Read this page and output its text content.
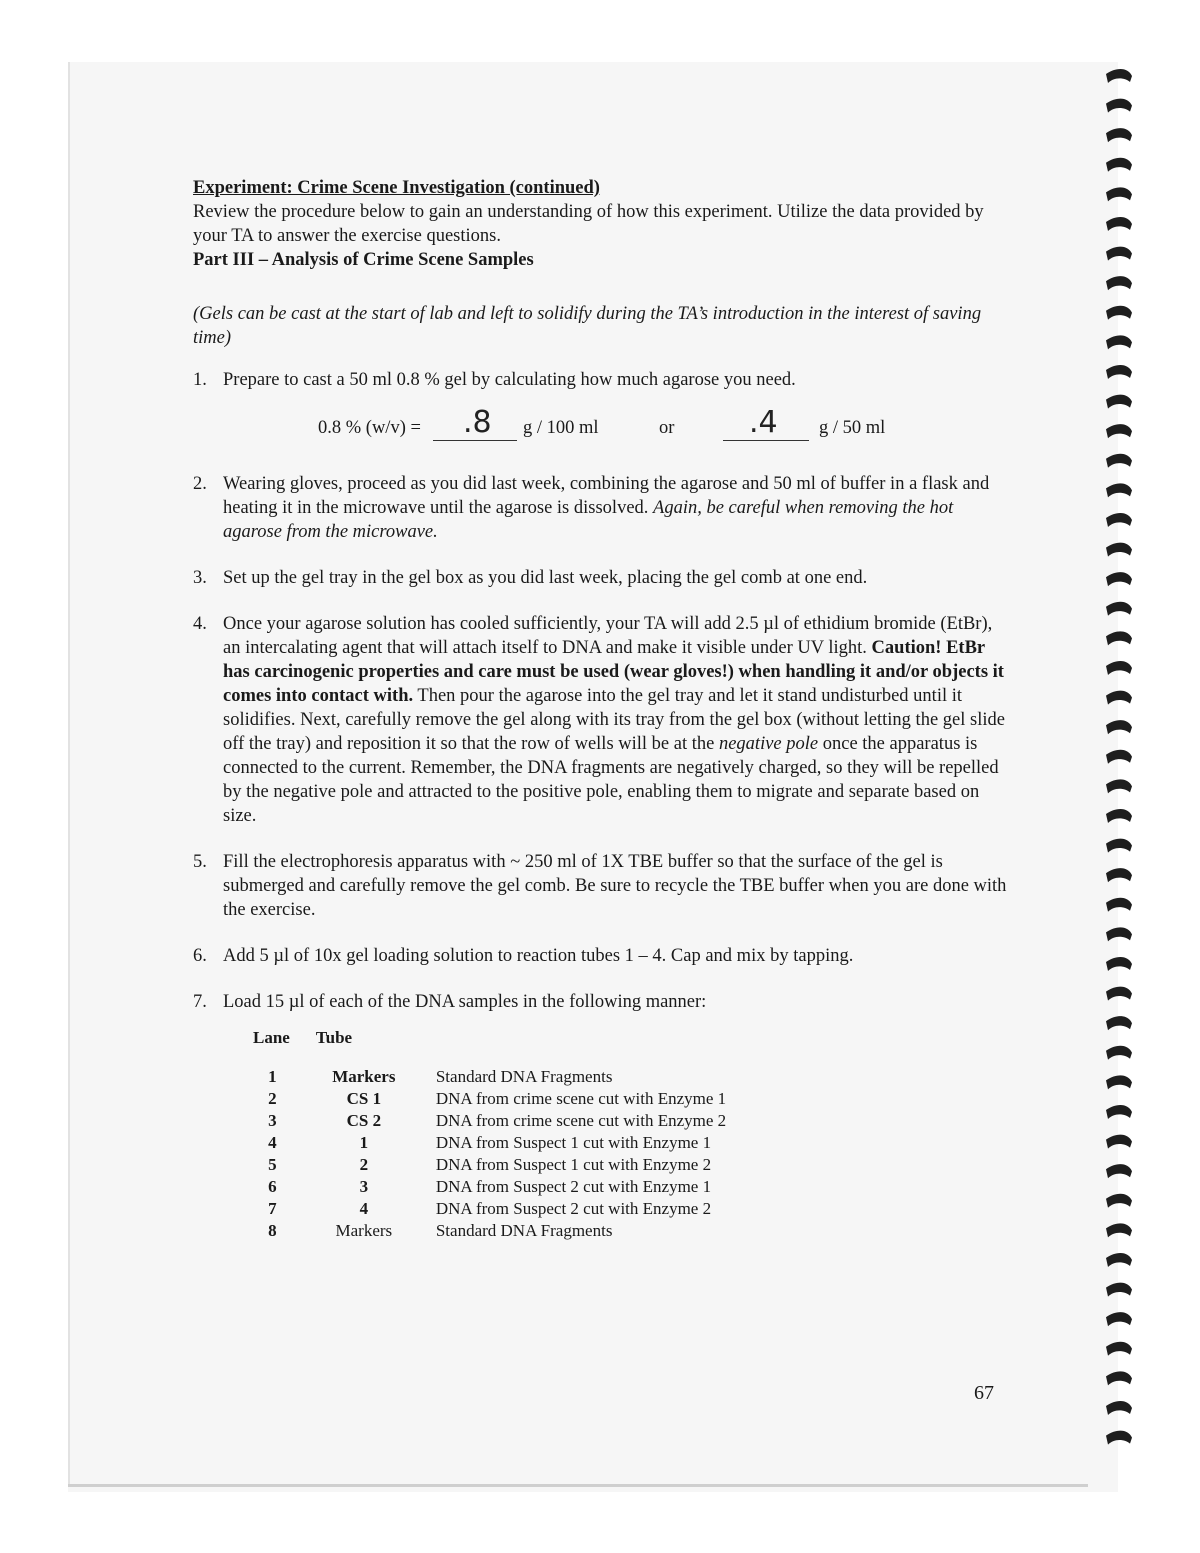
Experiment: Crime Scene Investigation (continued)
Review the procedure below to gain an understanding of how this experiment. Utilize the data provided by your TA to answer the exercise questions.
Part III – Analysis of Crime Scene Samples
(Gels can be cast at the start of lab and left to solidify during the TA’s introduction in the interest of saving time)
1. Prepare to cast a 50 ml 0.8 % gel by calculating how much agarose you need.
0.8 % (w/v) = .8 g / 100 ml	or .4 g / 50 ml
2. Wearing gloves, proceed as you did last week, combining the agarose and 50 ml of buffer in a flask and heating it in the microwave until the agarose is dissolved. Again, be careful when removing the hot agarose from the microwave.
3. Set up the gel tray in the gel box as you did last week, placing the gel comb at one end.
4. Once your agarose solution has cooled sufficiently, your TA will add 2.5 µl of ethidium bromide (EtBr), an intercalating agent that will attach itself to DNA and make it visible under UV light. Caution! EtBr has carcinogenic properties and care must be used (wear gloves!) when handling it and/or objects it comes into contact with. Then pour the agarose into the gel tray and let it stand undisturbed until it solidifies. Next, carefully remove the gel along with its tray from the gel box (without letting the gel slide off the tray) and reposition it so that the row of wells will be at the negative pole once the apparatus is connected to the current. Remember, the DNA fragments are negatively charged, so they will be repelled by the negative pole and attracted to the positive pole, enabling them to migrate and separate based on size.
5. Fill the electrophoresis apparatus with ~ 250 ml of 1X TBE buffer so that the surface of the gel is submerged and carefully remove the gel comb. Be sure to recycle the TBE buffer when you are done with the exercise.
6. Add 5 µl of 10x gel loading solution to reaction tubes 1 – 4. Cap and mix by tapping.
7. Load 15 µl of each of the DNA samples in the following manner:
Lane	Tube	
1	Markers	Standard DNA Fragments
2	CS 1	DNA from crime scene cut with Enzyme 1
3	CS 2	DNA from crime scene cut with Enzyme 2
4	1	DNA from Suspect 1 cut with Enzyme 1
5	2	DNA from Suspect 1 cut with Enzyme 2
6	3	DNA from Suspect 2 cut with Enzyme 1
7	4	DNA from Suspect 2 cut with Enzyme 2
8	Markers	Standard DNA Fragments
67
